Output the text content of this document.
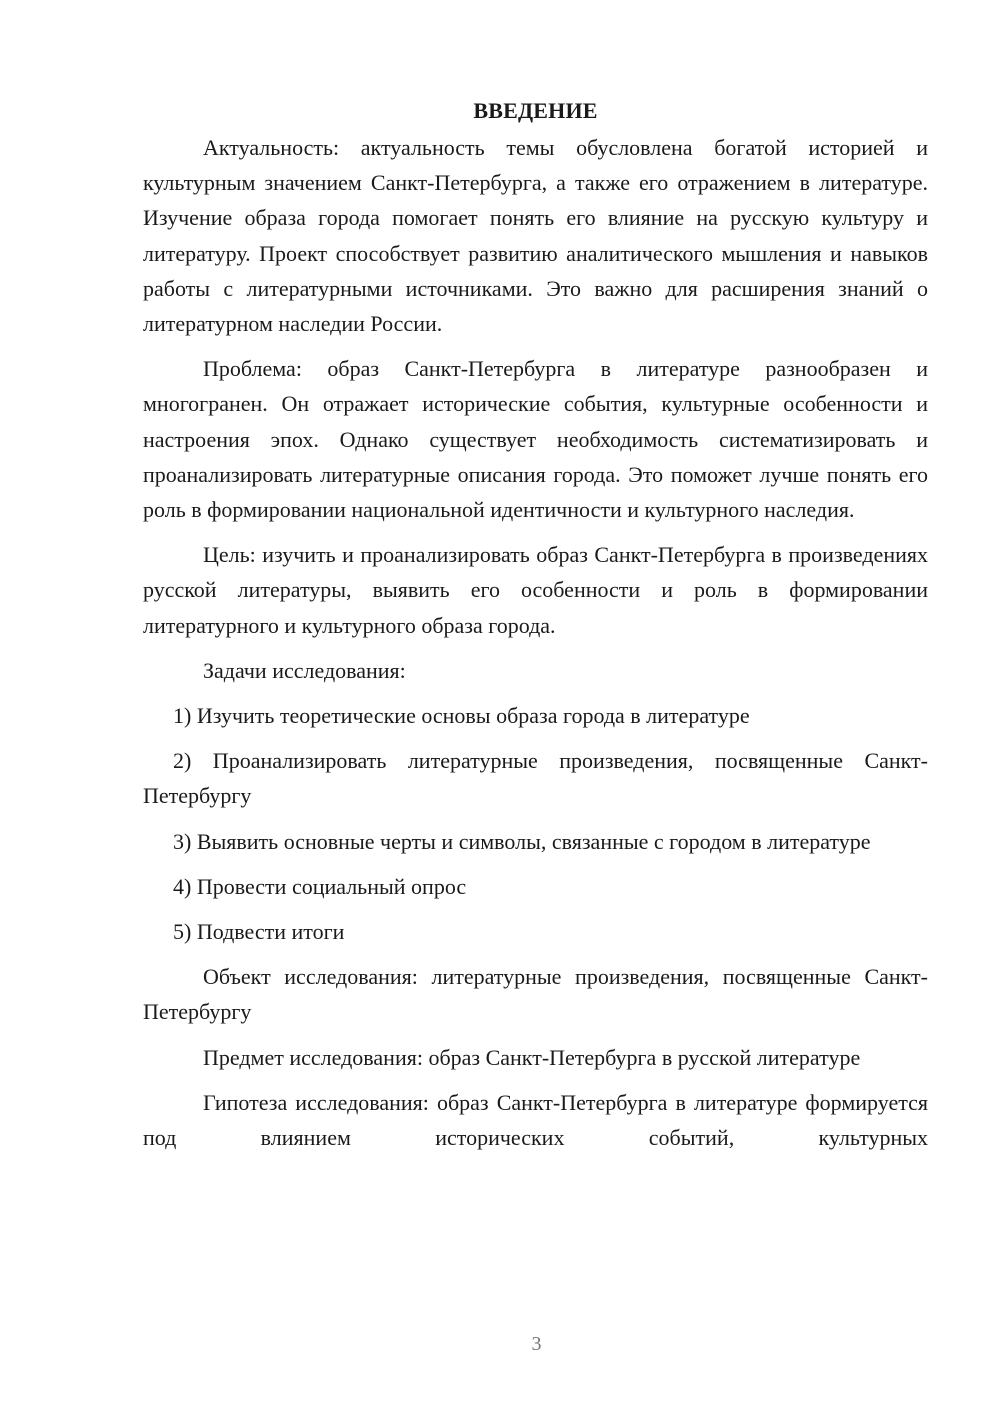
ВВЕДЕНИЕ

Актуальность: актуальность темы обусловлена богатой историей и культурным значением Санкт-Петербурга, а также его отражением в литературе. Изучение образа города помогает понять его влияние на русскую культуру и литературу. Проект способствует развитию аналитического мышления и навыков работы с литературными источниками. Это важно для расширения знаний о литературном наследии России.

Проблема: образ Санкт-Петербурга в литературе разнообразен и многогранен. Он отражает исторические события, культурные особенности и настроения эпох. Однако существует необходимость систематизировать и проанализировать литературные описания города. Это поможет лучше понять его роль в формировании национальной идентичности и культурного наследия.

Цель: изучить и проанализировать образ Санкт-Петербурга в произведениях русской литературы, выявить его особенности и роль в формировании литературного и культурного образа города.

Задачи исследования:

1) Изучить теоретические основы образа города в литературе

2) Проанализировать литературные произведения, посвященные Санкт-Петербургу

3) Выявить основные черты и символы, связанные с городом в литературе

4) Провести социальный опрос

5) Подвести итоги

Объект исследования: литературные произведения, посвященные Санкт-Петербургу

Предмет исследования: образ Санкт-Петербурга в русской литературе

Гипотеза исследования: образ Санкт-Петербурга в литературе формируется под влиянием исторических событий, культурных

3
